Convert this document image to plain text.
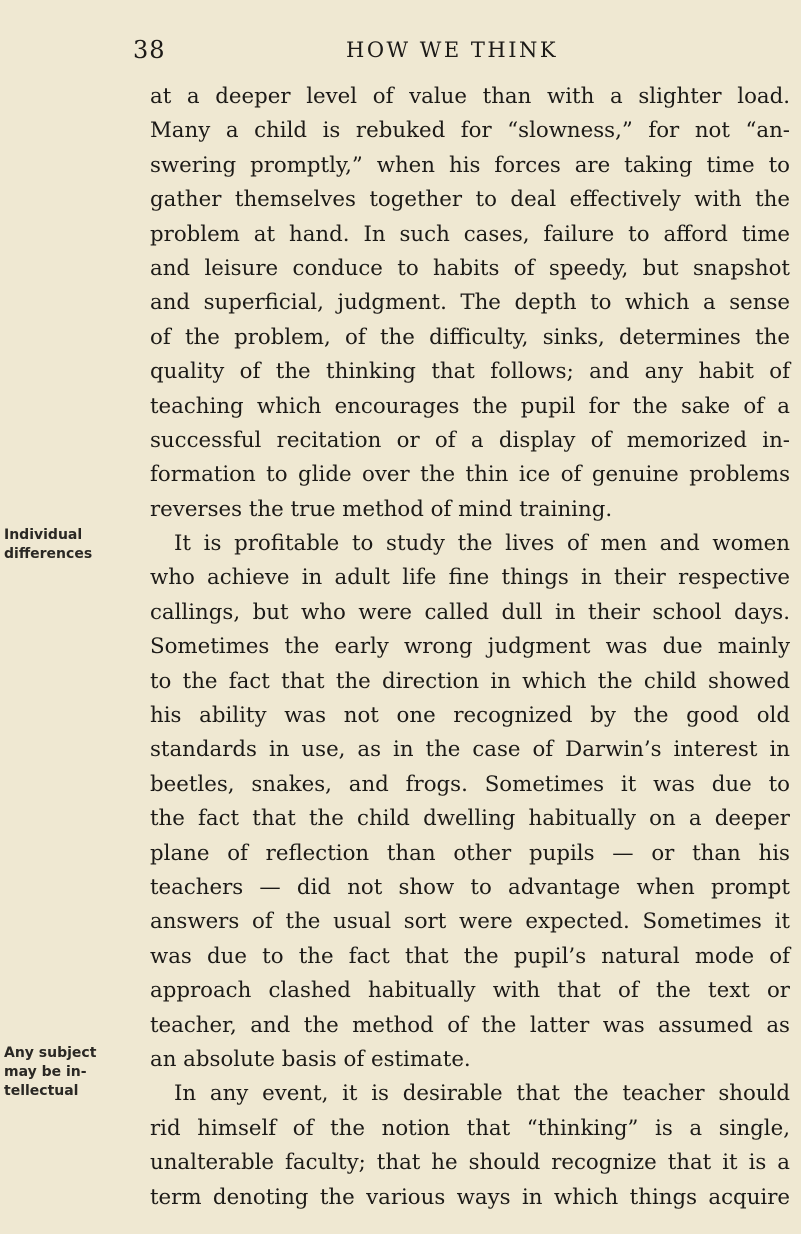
38	HOW WE THINK
Individual
differences
Any subject
may be in-
tellectual
at a deeper level of value than with a slighter load.
Many a child is rebuked for “slowness,” for not “an-
swering promptly,” when his forces are taking time to
gather themselves together to deal effectively with the
problem at hand. In such cases, failure to afford time
and leisure conduce to habits of speedy, but snapshot
and superficial, judgment. The depth to which a sense
of the problem, of the difficulty, sinks, determines the
quality of the thinking that follows; and any habit of
teaching which encourages the pupil for the sake of a
successful recitation or of a display of memorized in-
formation to glide over the thin ice of genuine problems
reverses the true method of mind training.
It is profitable to study the lives of men and women
who achieve in adult life fine things in their respective
callings, but who were called dull in their school days.
Sometimes the early wrong judgment was due mainly
to the fact that the direction in which the child showed
his ability was not one recognized by the good old
standards in use, as in the case of Darwin’s interest in
beetles, snakes, and frogs. Sometimes it was due to
the fact that the child dwelling habitually on a deeper
plane of reflection than other pupils — or than his
teachers — did not show to advantage when prompt
answers of the usual sort were expected. Sometimes it
was due to the fact that the pupil’s natural mode of
approach clashed habitually with that of the text or
teacher, and the method of the latter was assumed as
an absolute basis of estimate.
In any event, it is desirable that the teacher should
rid himself of the notion that “thinking” is a single,
unalterable faculty; that he should recognize that it is a
term denoting the various ways in which things acquire
